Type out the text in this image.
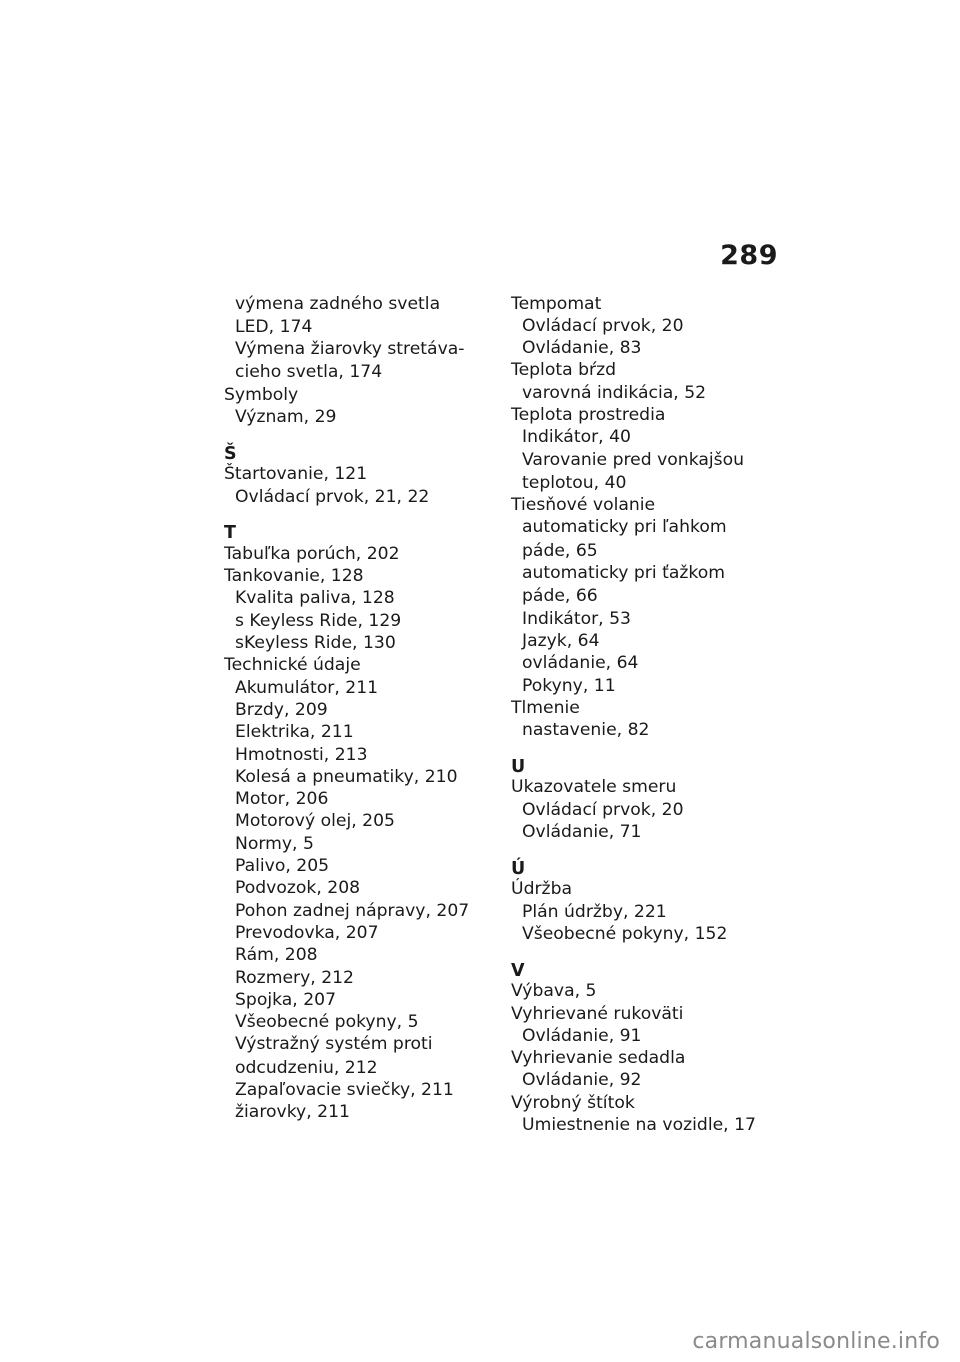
289
výmena zadného svetla
LED, 174
Výmena žiarovky stretáva-
cieho svetla, 174
Symboly
Význam, 29
Š
Štartovanie, 121
Ovládací prvok, 21, 22
T
Tabuľka porúch, 202
Tankovanie, 128
Kvalita paliva, 128
s Keyless Ride, 129
sKeyless Ride, 130
Technické údaje
Akumulátor, 211
Brzdy, 209
Elektrika, 211
Hmotnosti, 213
Kolesá a pneumatiky, 210
Motor, 206
Motorový olej, 205
Normy, 5
Palivo, 205
Podvozok, 208
Pohon zadnej nápravy, 207
Prevodovka, 207
Rám, 208
Rozmery, 212
Spojka, 207
Všeobecné pokyny, 5
Výstražný systém proti
odcudzeniu, 212
Zapaľovacie sviečky, 211
žiarovky, 211
Tempomat
Ovládací prvok, 20
Ovládanie, 83
Teplota bŕzd
varovná indikácia, 52
Teplota prostredia
Indikátor, 40
Varovanie pred vonkajšou
teplotou, 40
Tiesňové volanie
automaticky pri ľahkom
páde, 65
automaticky pri ťažkom
páde, 66
Indikátor, 53
Jazyk, 64
ovládanie, 64
Pokyny, 11
Tlmenie
nastavenie, 82
U
Ukazovatele smeru
Ovládací prvok, 20
Ovládanie, 71
Ú
Údržba
Plán údržby, 221
Všeobecné pokyny, 152
V
Výbava, 5
Vyhrievané rukoväti
Ovládanie, 91
Vyhrievanie sedadla
Ovládanie, 92
Výrobný štítok
Umiestnenie na vozidle, 17
carmanualsonline.info
